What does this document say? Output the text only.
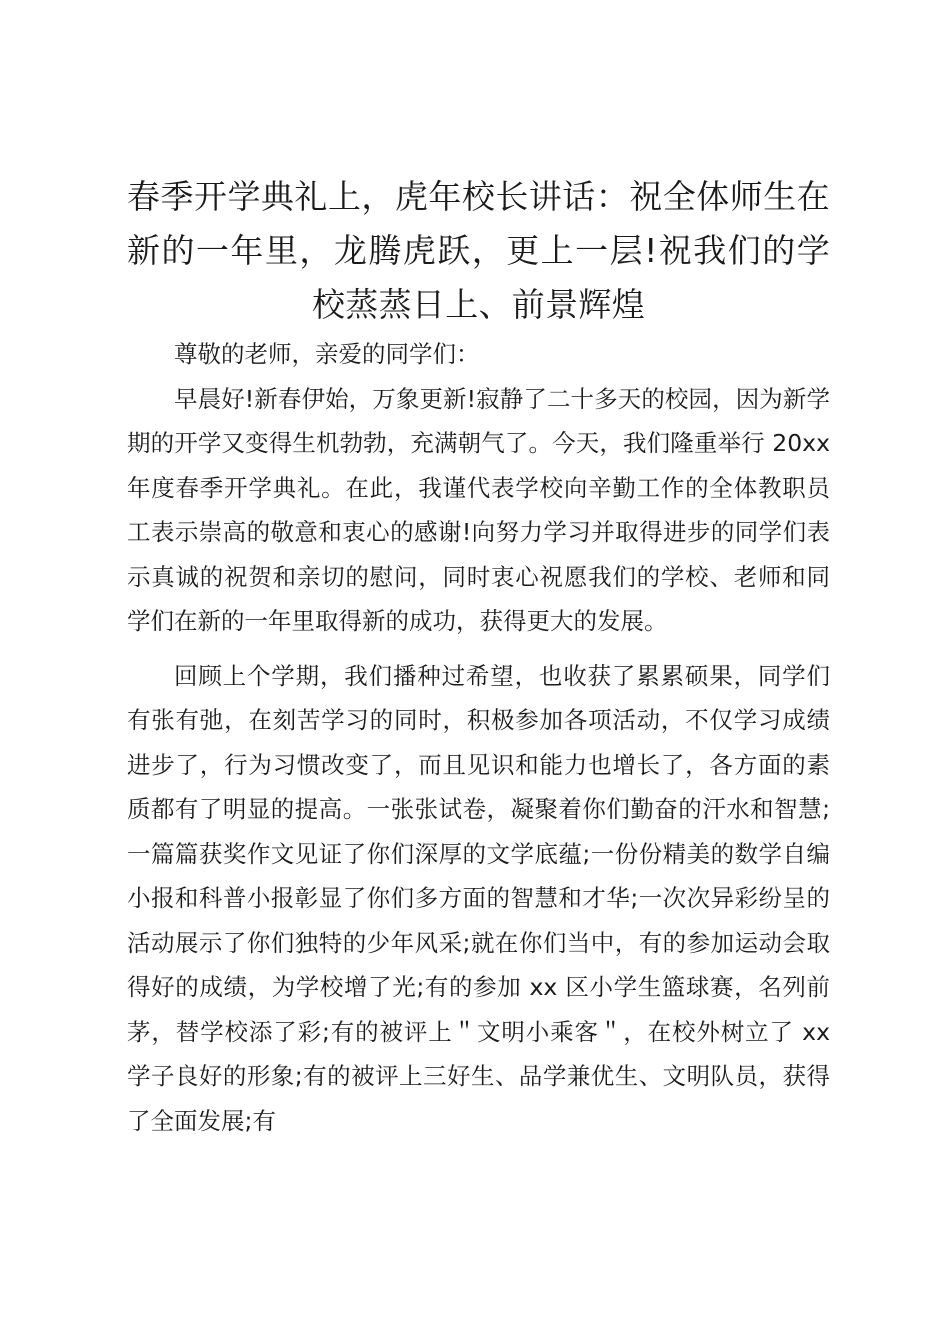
春季开学典礼上，虎年校长讲话：祝全体师生在新的一年里，龙腾虎跃，更上一层!祝我们的学校蒸蒸日上、前景辉煌

尊敬的老师，亲爱的同学们：

早晨好!新春伊始，万象更新!寂静了二十多天的校园，因为新学期的开学又变得生机勃勃，充满朝气了。今天，我们隆重举行 20xx 年度春季开学典礼。在此，我谨代表学校向辛勤工作的全体教职员工表示崇高的敬意和衷心的感谢!向努力学习并取得进步的同学们表示真诚的祝贺和亲切的慰问，同时衷心祝愿我们的学校、老师和同学们在新的一年里取得新的成功，获得更大的发展。

回顾上个学期，我们播种过希望，也收获了累累硕果，同学们有张有弛，在刻苦学习的同时，积极参加各项活动，不仅学习成绩进步了，行为习惯改变了，而且见识和能力也增长了，各方面的素质都有了明显的提高。一张张试卷，凝聚着你们勤奋的汗水和智慧;一篇篇获奖作文见证了你们深厚的文学底蕴;一份份精美的数学自编小报和科普小报彰显了你们多方面的智慧和才华;一次次异彩纷呈的活动展示了你们独特的少年风采;就在你们当中，有的参加运动会取得好的成绩，为学校增了光;有的参加 xx 区小学生篮球赛，名列前茅，替学校添了彩;有的被评上＂文明小乘客＂，在校外树立了 xx 学子良好的形象;有的被评上三好生、品学兼优生、文明队员，获得了全面发展;有
